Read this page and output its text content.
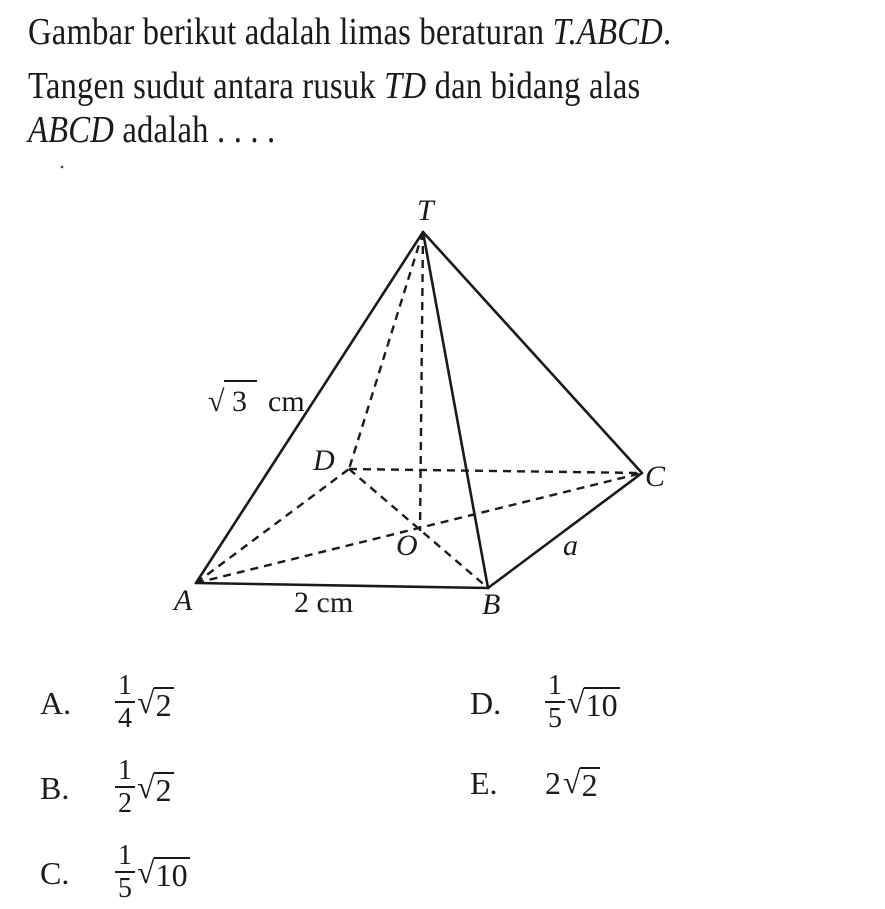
Gambar berikut adalah limas beraturan T.ABCD.
Tangen sudut antara rusuk TD dan bidang alas
ABCD adalah . . . .
T
D	C
O	a
A	B
2 cm
√ 3 cm
A.	$\frac{1}{4}$ √ 2
B.	$\frac{1}{2}$ √ 2
C.	$\frac{1}{5}$ √ 10
D.	$\frac{1}{5}$ √ 10
E.	2 √ 2
